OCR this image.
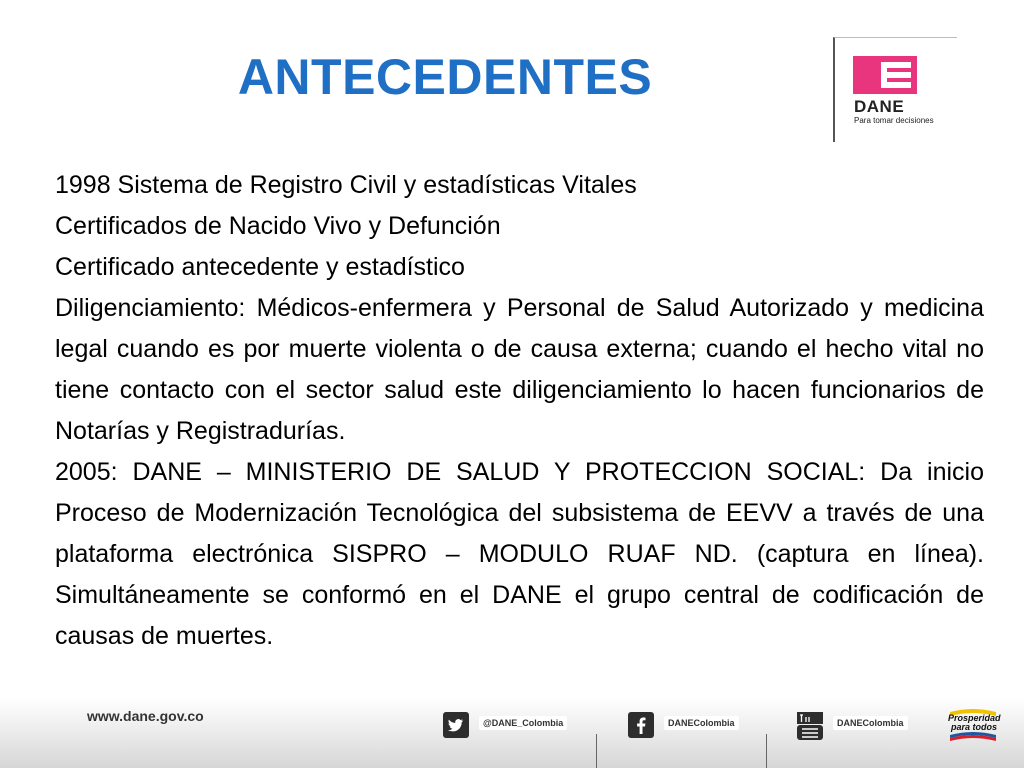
ANTECEDENTES
DANE
Para tomar decisiones

1998 Sistema de Registro Civil y estadísticas Vitales

Certificados de Nacido Vivo y Defunción

Certificado antecedente y estadístico

Diligenciamiento: Médicos-enfermera y Personal de Salud Autorizado y medicina legal cuando es por muerte violenta o de causa externa; cuando el hecho vital no tiene contacto con el sector salud este diligenciamiento lo hacen funcionarios de Notarías y Registradurías.

2005: DANE – MINISTERIO DE SALUD Y PROTECCION SOCIAL: Da inicio Proceso de Modernización Tecnológica del subsistema de EEVV a través de una plataforma electrónica SISPRO – MODULO RUAF ND. (captura en línea). Simultáneamente se conformó en el DANE el grupo central de codificación de causas de muertes.

www.dane.gov.co	@DANE_Colombia	DANEColombia	DANEColombia	Prosperidad para todos
